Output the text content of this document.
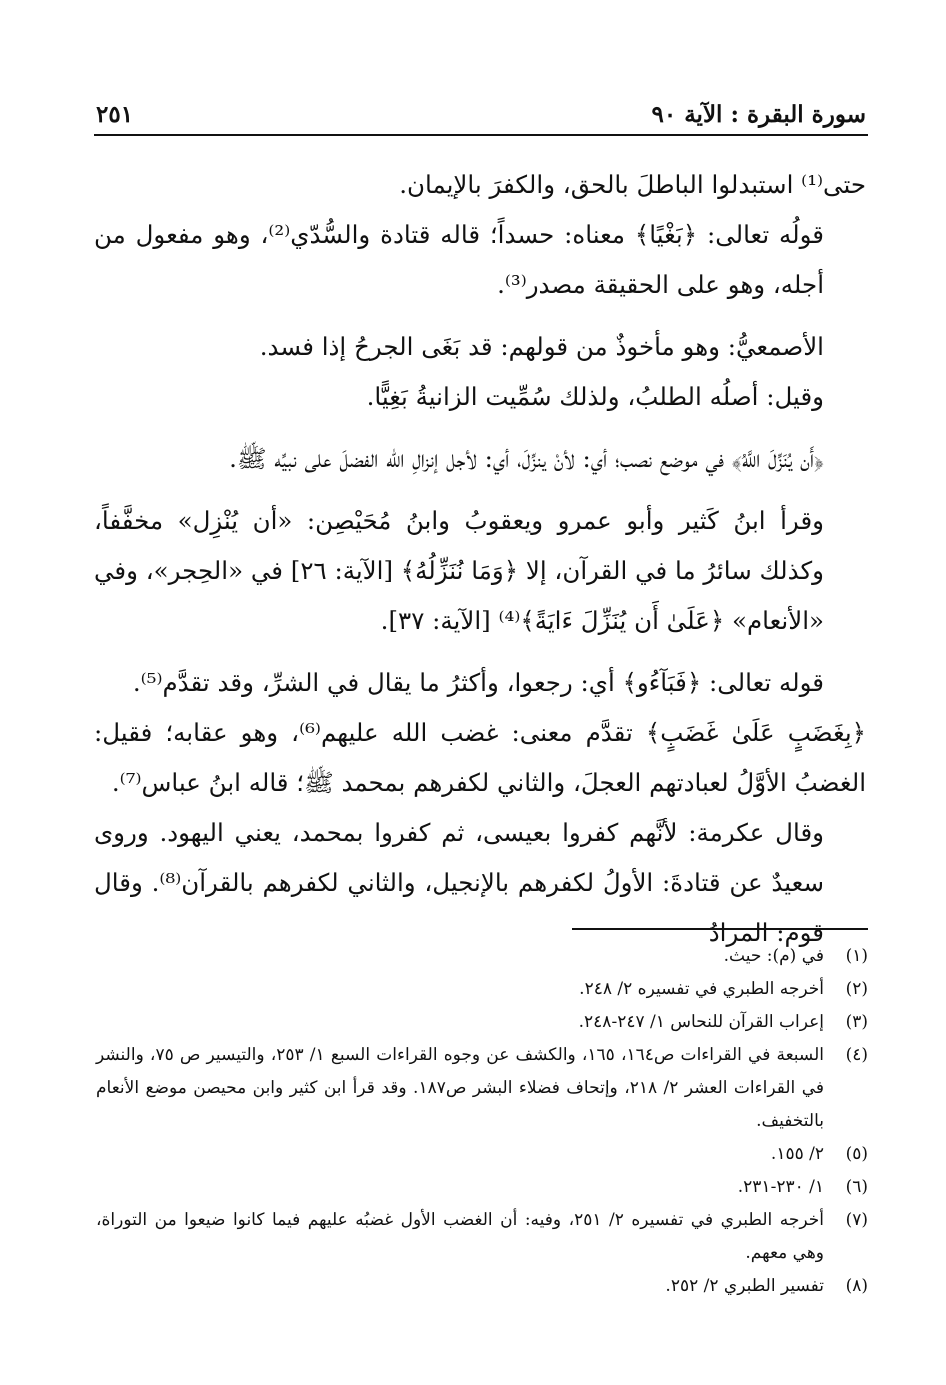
سورة البقرة : الآية ٩٠
٢٥١

حتى⁽¹⁾ استبدلوا الباطلَ بالحق، والكفرَ بالإيمان.

قولُه تعالى: ﴿بَغْيًا﴾ معناه: حسداً؛ قاله قتادة والسُّدّي⁽²⁾، وهو مفعول من أجله، وهو على الحقيقة مصدر⁽³⁾.

الأصمعيُّ: وهو مأخوذٌ من قولهم: قد بَغَى الجرحُ إذا فسد.

وقيل: أصلُه الطلبُ، ولذلك سُمِّيت الزانيةُ بَغِيًّا.

﴿أَن يُنَزِّلَ اللَّهُ﴾ في موضع نصب؛ أي: لأنْ ينزِّلَ، أي: لأجل إنزالِ الله الفضلَ على نبيِّه ﷺ.

وقرأ ابنُ كَثير وأبو عمرو ويعقوبُ وابنُ مُحَيْصِن: «أن يُنْزِل» مخفَّفاً، وكذلك سائرُ ما في القرآن، إلا ﴿وَمَا نُنَزِّلُهُ﴾ [الآية: ٢٦] في «الحِجر»، وفي «الأنعام» ﴿عَلَىٰ أَن يُنَزِّلَ ءَايَةً﴾⁽⁴⁾ [الآية: ٣٧].

قوله تعالى: ﴿فَبَآءُو﴾ أي: رجعوا، وأكثرُ ما يقال في الشرِّ، وقد تقدَّم⁽⁵⁾.

﴿بِغَضَبٍ عَلَىٰ غَضَبٍ﴾ تقدَّم معنى: غضب الله عليهم⁽⁶⁾، وهو عقابه؛ فقيل: الغضبُ الأوَّلُ لعبادتهم العجلَ، والثاني لكفرهم بمحمد ﷺ؛ قاله ابنُ عباس⁽⁷⁾.

وقال عكرمة: لأنَّهم كفروا بعيسى، ثم كفروا بمحمد، يعني اليهود. وروى سعيدٌ عن قتادةَ: الأولُ لكفرهم بالإنجيل، والثاني لكفرهم بالقرآن⁽⁸⁾. وقال قوم: المرادُ

(١)
في (م): حيث.
(٢)
أخرجه الطبري في تفسيره ٢/ ٢٤٨.
(٣)
إعراب القرآن للنحاس ١/ ٢٤٧-٢٤٨.
(٤)
السبعة في القراءات ص١٦٤، ١٦٥، والكشف عن وجوه القراءات السبع ١/ ٢٥٣، والتيسير ص ٧٥، والنشر في القراءات العشر ٢/ ٢١٨، وإتحاف فضلاء البشر ص١٨٧. وقد قرأ ابن كثير وابن محيصن موضع الأنعام بالتخفيف.
(٥)
٢/ ١٥٥.
(٦)
١/ ٢٣٠-٢٣١.
(٧)
أخرجه الطبري في تفسيره ٢/ ٢٥١، وفيه: أن الغضب الأول غضبُه عليهم فيما كانوا ضيعوا من التوراة، وهي معهم.
(٨)
تفسير الطبري ٢/ ٢٥٢.
